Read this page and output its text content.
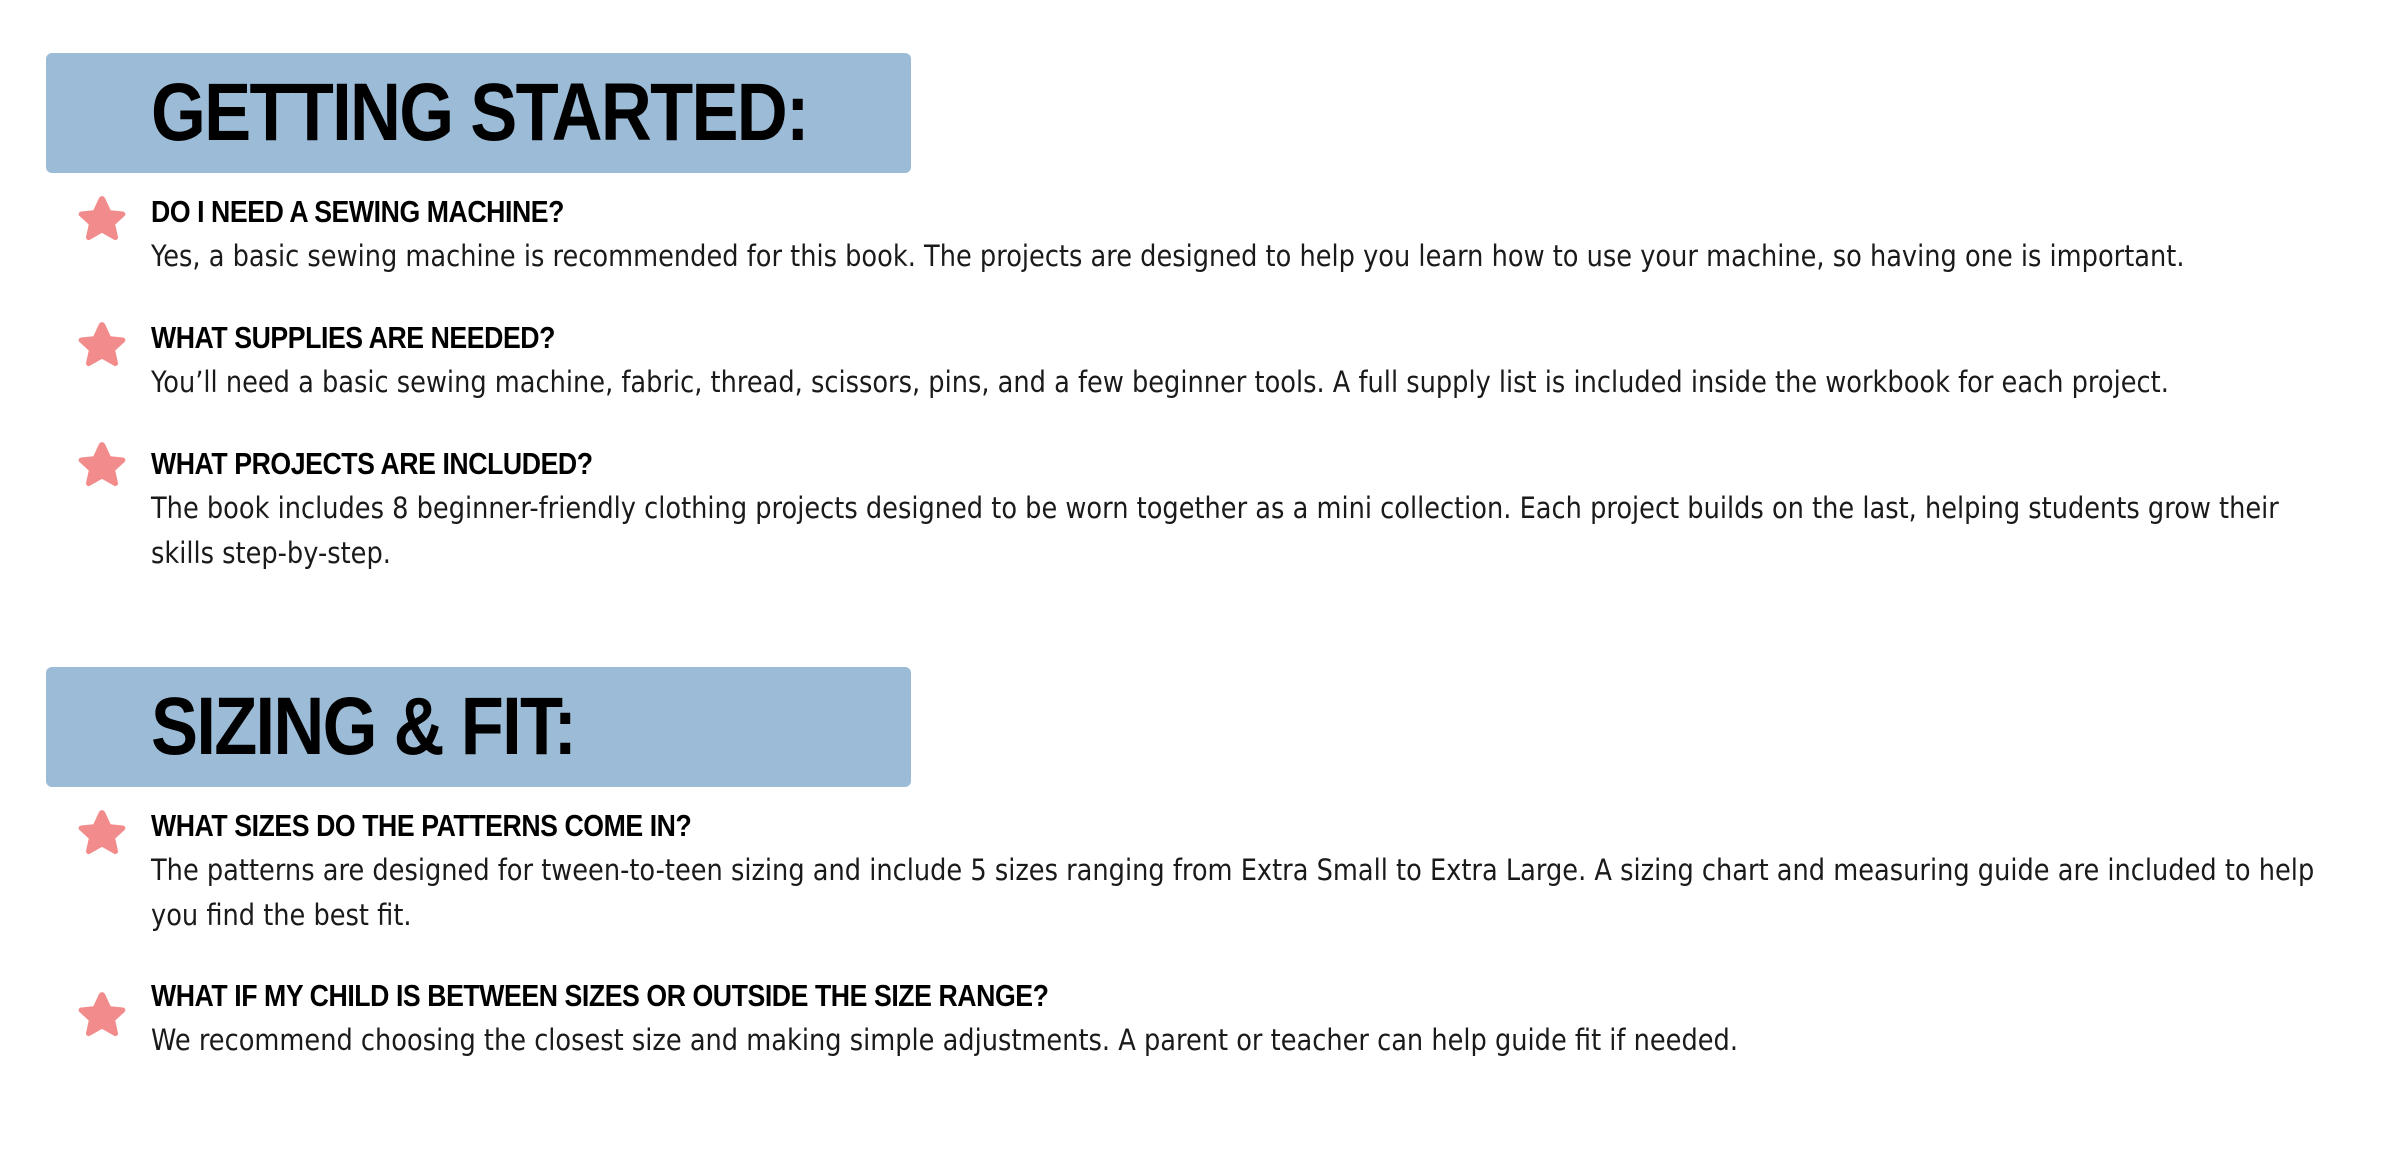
GETTING STARTED:
DO I NEED A SEWING MACHINE?
Yes, a basic sewing machine is recommended for this book. The projects are designed to help you learn how to use your machine, so having one is important.
WHAT SUPPLIES ARE NEEDED?
You’ll need a basic sewing machine, fabric, thread, scissors, pins, and a few beginner tools. A full supply list is included inside the workbook for each project.
WHAT PROJECTS ARE INCLUDED?
The book includes 8 beginner-friendly clothing projects designed to be worn together as a mini collection. Each project builds on the last, helping students grow their skills step-by-step.
SIZING & FIT:
WHAT SIZES DO THE PATTERNS COME IN?
The patterns are designed for tween-to-teen sizing and include 5 sizes ranging from Extra Small to Extra Large. A sizing chart and measuring guide are included to help you find the best fit.
WHAT IF MY CHILD IS BETWEEN SIZES OR OUTSIDE THE SIZE RANGE?
We recommend choosing the closest size and making simple adjustments. A parent or teacher can help guide fit if needed.
